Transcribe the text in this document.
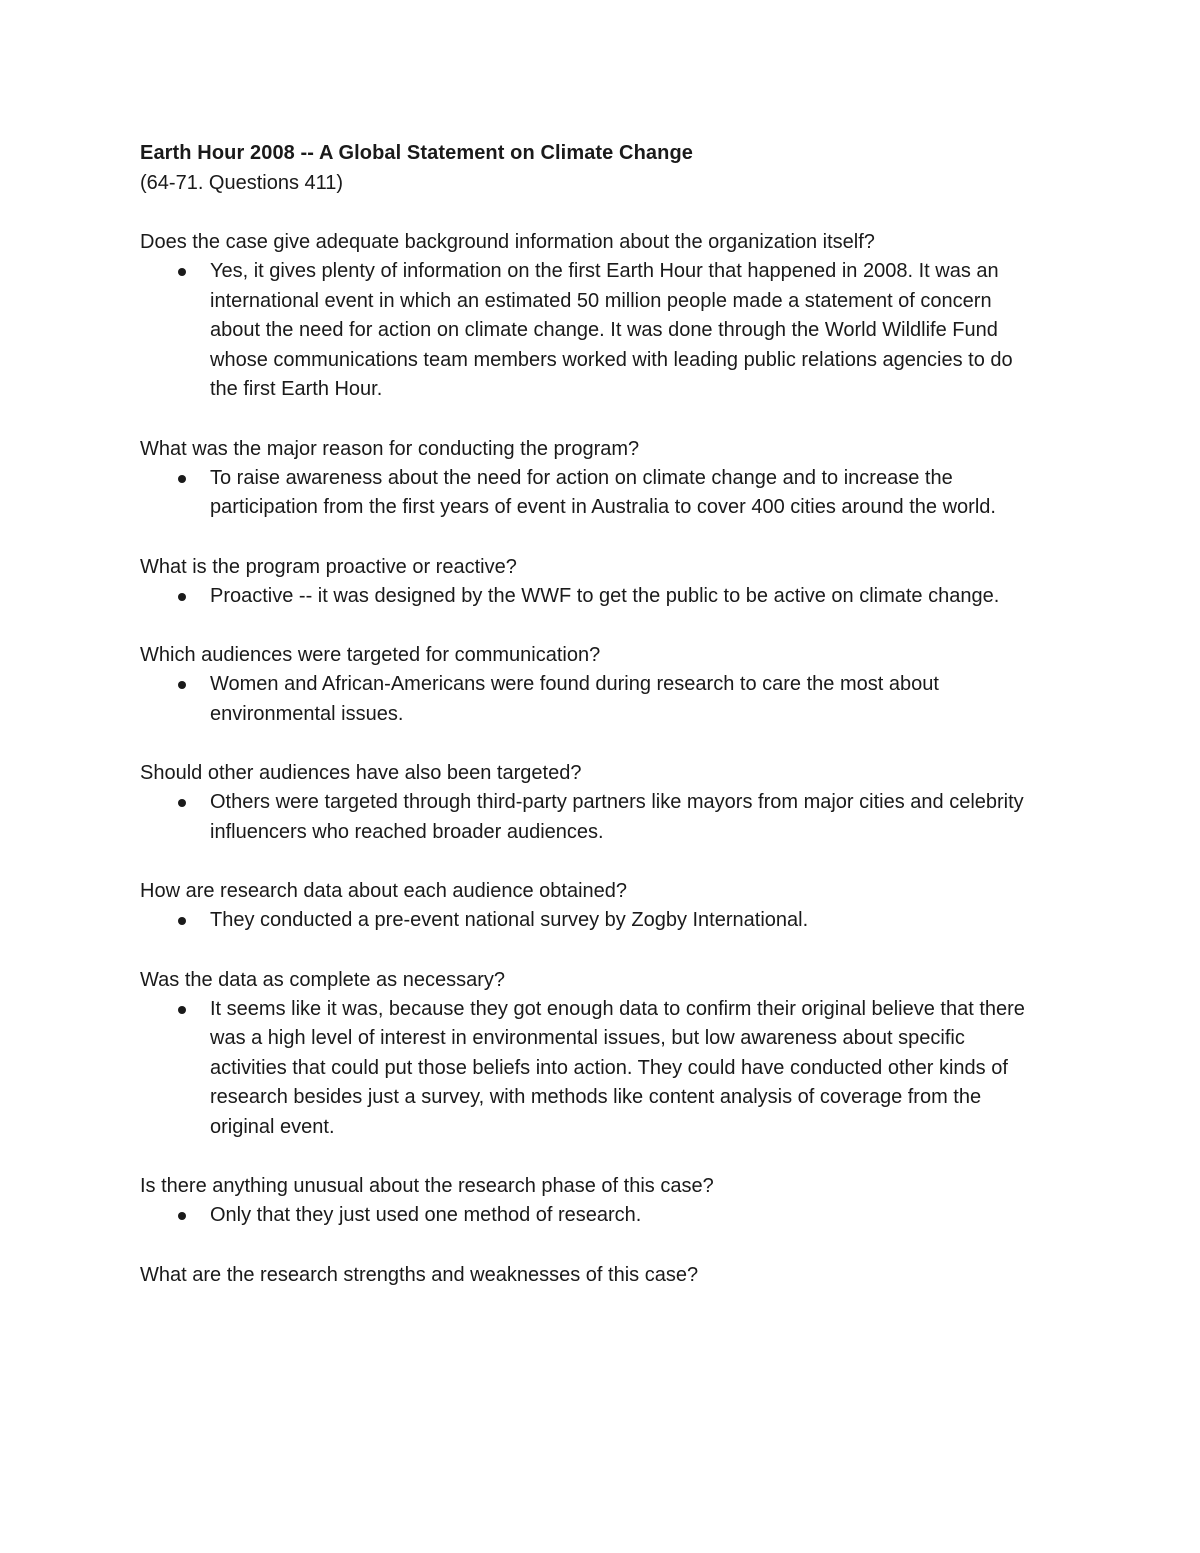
Earth Hour 2008 -- A Global Statement on Climate Change

(64-71. Questions 411)

Does the case give adequate background information about the organization itself?

Yes, it gives plenty of information on the first Earth Hour that happened in 2008. It was an international event in which an estimated 50 million people made a statement of concern about the need for action on climate change. It was done through the World Wildlife Fund whose communications team members worked with leading public relations agencies to do the first Earth Hour.

What was the major reason for conducting the program?

To raise awareness about the need for action on climate change and to increase the participation from the first years of event in Australia to cover 400 cities around the world.

What is the program proactive or reactive?

Proactive -- it was designed by the WWF to get the public to be active on climate change.

Which audiences were targeted for communication?

Women and African-Americans were found during research to care the most about environmental issues.

Should other audiences have also been targeted?

Others were targeted through third-party partners like mayors from major cities and celebrity influencers who reached broader audiences.

How are research data about each audience obtained?

They conducted a pre-event national survey by Zogby International.

Was the data as complete as necessary?

It seems like it was, because they got enough data to confirm their original believe that there was a high level of interest in environmental issues, but low awareness about specific activities that could put those beliefs into action. They could have conducted other kinds of research besides just a survey, with methods like content analysis of coverage from the original event.

Is there anything unusual about the research phase of this case?

Only that they just used one method of research.

What are the research strengths and weaknesses of this case?
